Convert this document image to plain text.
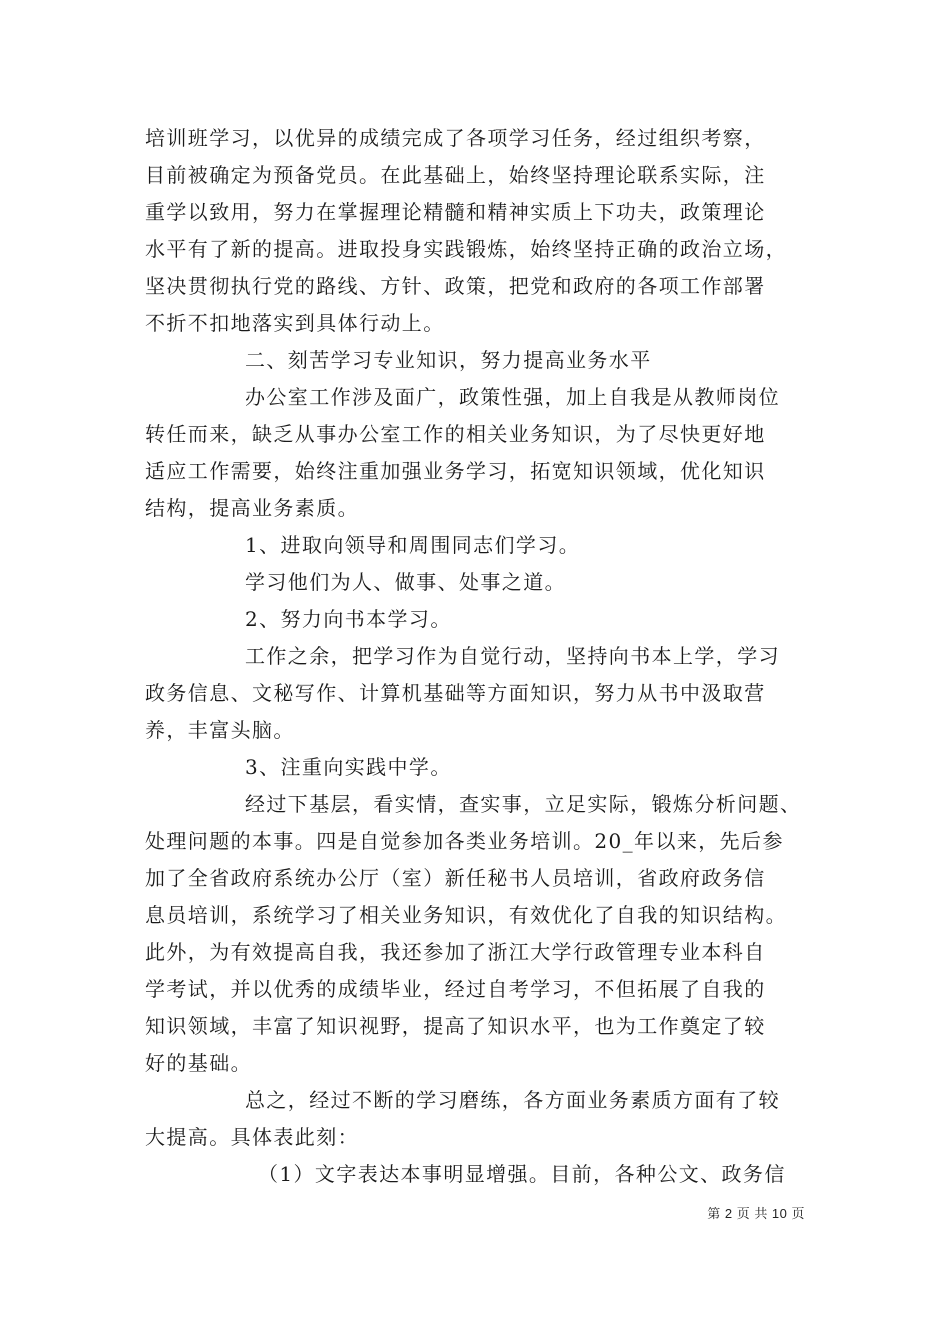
培训班学习，以优异的成绩完成了各项学习任务，经过组织考察，
目前被确定为预备党员。在此基础上，始终坚持理论联系实际，注
重学以致用，努力在掌握理论精髓和精神实质上下功夫，政策理论
水平有了新的提高。进取投身实践锻炼，始终坚持正确的政治立场，
坚决贯彻执行党的路线、方针、政策，把党和政府的各项工作部署
不折不扣地落实到具体行动上。
二、刻苦学习专业知识，努力提高业务水平
办公室工作涉及面广，政策性强，加上自我是从教师岗位
转任而来，缺乏从事办公室工作的相关业务知识，为了尽快更好地
适应工作需要，始终注重加强业务学习，拓宽知识领域，优化知识
结构，提高业务素质。
1、进取向领导和周围同志们学习。
学习他们为人、做事、处事之道。
2、努力向书本学习。
工作之余，把学习作为自觉行动，坚持向书本上学，学习
政务信息、文秘写作、计算机基础等方面知识，努力从书中汲取营
养，丰富头脑。
3、注重向实践中学。
经过下基层，看实情，查实事，立足实际，锻炼分析问题、
处理问题的本事。四是自觉参加各类业务培训。20_年以来，先后参
加了全省政府系统办公厅（室）新任秘书人员培训，省政府政务信
息员培训，系统学习了相关业务知识，有效优化了自我的知识结构。
此外，为有效提高自我，我还参加了浙江大学行政管理专业本科自
学考试，并以优秀的成绩毕业，经过自考学习，不但拓展了自我的
知识领域，丰富了知识视野，提高了知识水平，也为工作奠定了较
好的基础。
总之，经过不断的学习磨练，各方面业务素质方面有了较
大提高。具体表此刻：
（1）文字表达本事明显增强。目前，各种公文、政务信
第 2 页 共 10 页
